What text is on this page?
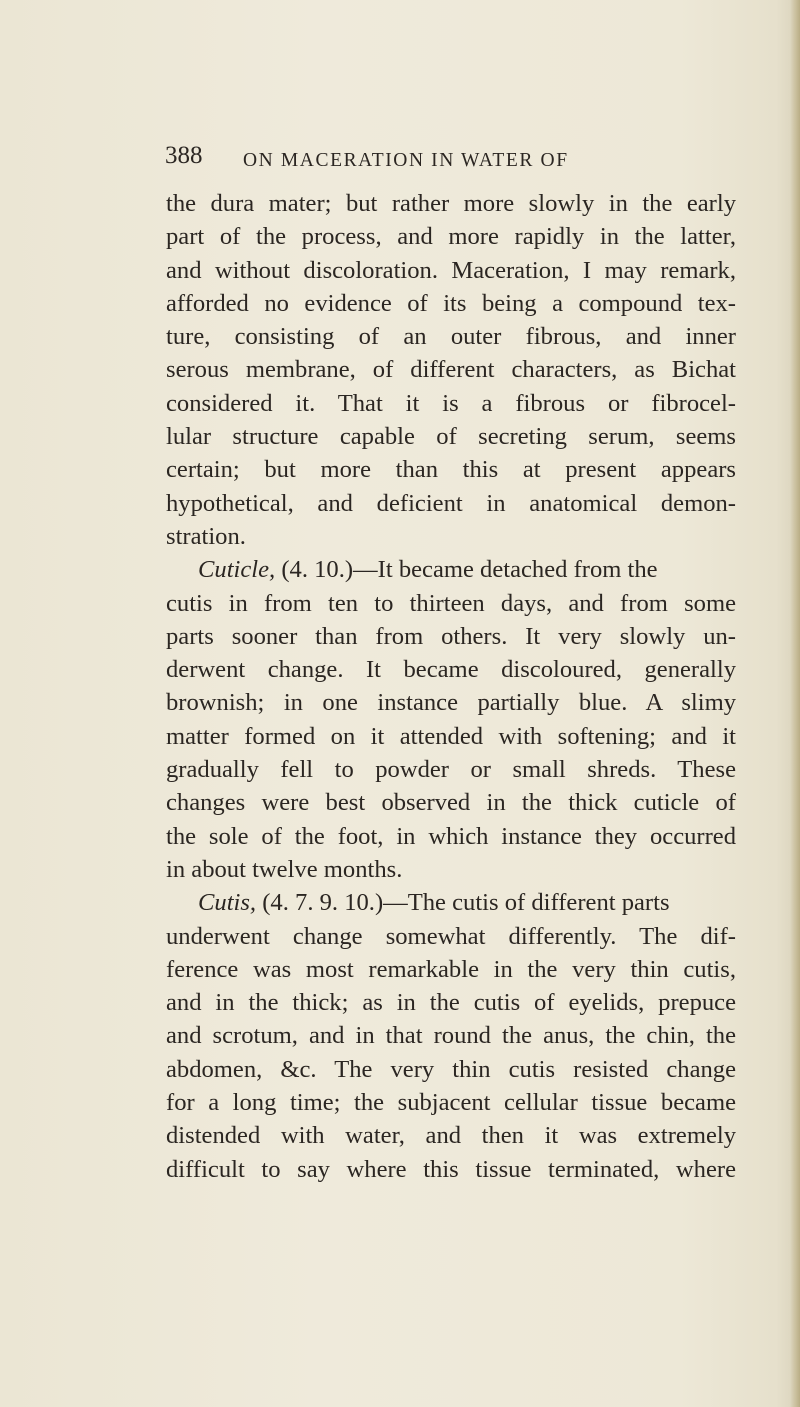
388 ON MACERATION IN WATER OF
the dura mater; but rather more slowly in the early
part of the process, and more rapidly in the latter,
and without discoloration. Maceration, I may remark,
afforded no evidence of its being a compound tex-
ture, consisting of an outer fibrous, and inner
serous membrane, of different characters, as Bichat
considered it. That it is a fibrous or fibrocel-
lular structure capable of secreting serum, seems
certain; but more than this at present appears
hypothetical, and deficient in anatomical demon-
stration.
Cuticle, (4. 10.)—It became detached from the
cutis in from ten to thirteen days, and from some
parts sooner than from others. It very slowly un-
derwent change. It became discoloured, generally
brownish; in one instance partially blue. A slimy
matter formed on it attended with softening; and it
gradually fell to powder or small shreds. These
changes were best observed in the thick cuticle of
the sole of the foot, in which instance they occurred
in about twelve months.
Cutis, (4. 7. 9. 10.)—The cutis of different parts
underwent change somewhat differently. The dif-
ference was most remarkable in the very thin cutis,
and in the thick; as in the cutis of eyelids, prepuce
and scrotum, and in that round the anus, the chin, the
abdomen, &c. The very thin cutis resisted change
for a long time; the subjacent cellular tissue became
distended with water, and then it was extremely
difficult to say where this tissue terminated, where
